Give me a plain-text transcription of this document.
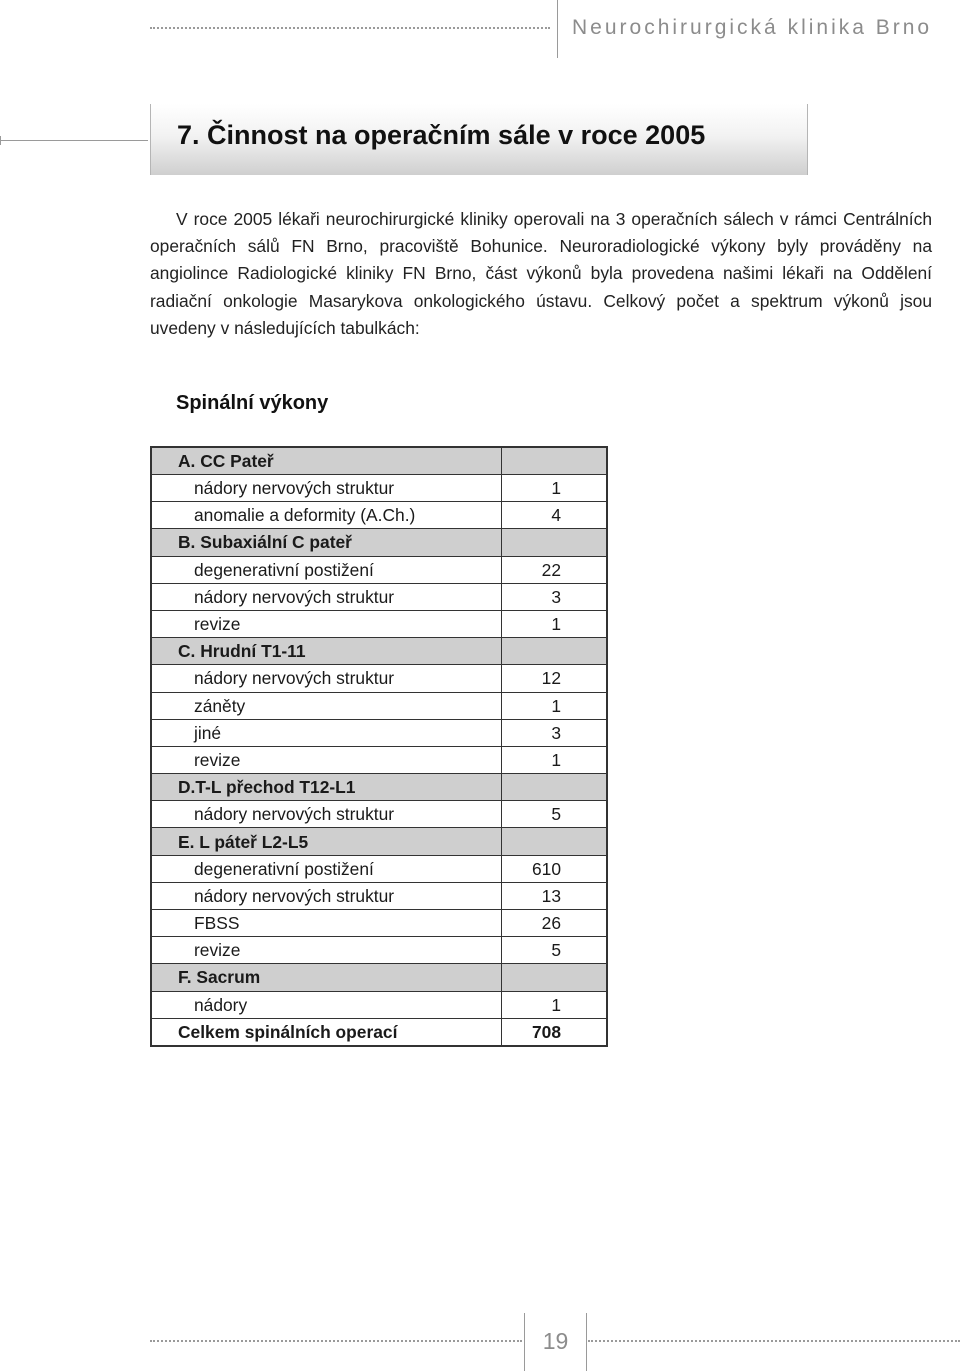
Neurochirurgická klinika Brno
7. Činnost na operačním sále v roce 2005

V roce 2005 lékaři neurochirurgické kliniky operovali na 3 operačních sálech v rámci Centrálních operačních sálů FN Brno, pracoviště Bohunice. Neuroradiologické výkony byly prováděny na angiolince Radiologické kliniky FN Brno, část výkonů byla provedena našimi lékaři na Oddělení radiační onkologie Masarykova onkologického ústavu. Celkový počet a spektrum výkonů jsou uvedeny v následujících tabulkách:

Spinální výkony
A. CC Pateř	
nádory nervových struktur	1
anomalie a deformity (A.Ch.)	4
B. Subaxiální C pateř	
degenerativní postižení	22
nádory nervových struktur	3
revize	1
C. Hrudní T1-11	
nádory nervových struktur	12
záněty	1
jiné	3
revize	1
D.T-L přechod T12-L1	
nádory nervových struktur	5
E. L páteř L2-L5	
degenerativní postižení	610
nádory nervových struktur	13
FBSS	26
revize	5
F. Sacrum	
nádory	1
Celkem spinálních operací	708
19
